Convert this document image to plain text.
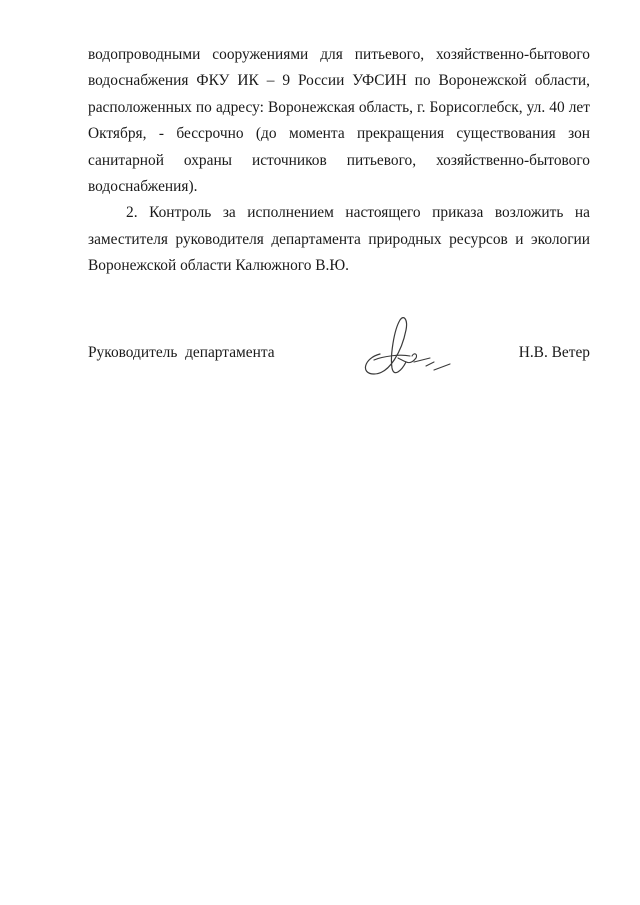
водопроводными сооружениями для питьевого, хозяйственно-бытового водоснабжения ФКУ ИК – 9 России УФСИН по Воронежской области, расположенных по адресу: Воронежская область, г. Борисоглебск, ул. 40 лет Октября, - бессрочно (до момента прекращения существования зон санитарной охраны источников питьевого, хозяйственно-бытового водоснабжения).

2. Контроль за исполнением настоящего приказа возложить на заместителя руководителя департамента природных ресурсов и экологии Воронежской области Калюжного В.Ю.

Руководитель  департамента	Н.В. Ветер
